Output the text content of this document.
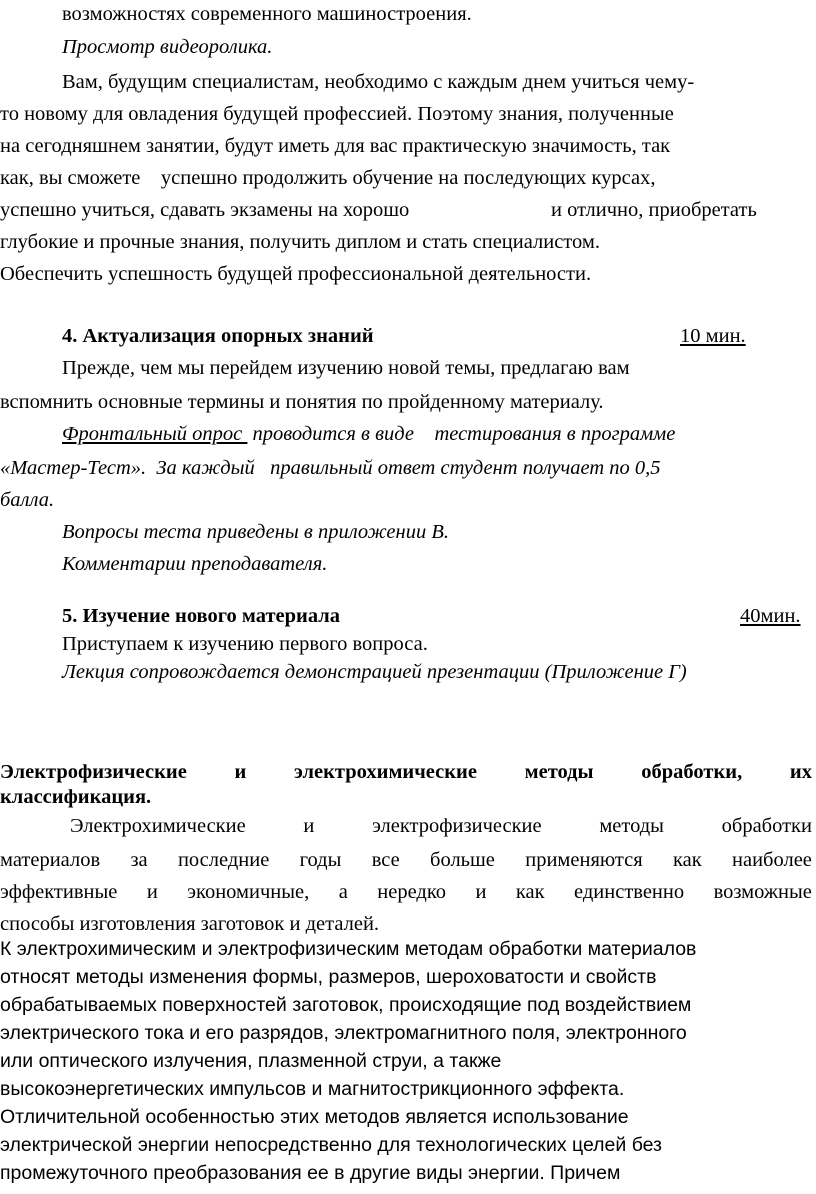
возможностях современного машиностроения.
Просмотр видеоролика.
Вам, будущим специалистам, необходимо с каждым днем учиться чему-
то новому для овладения будущей профессией. Поэтому знания, полученные
на сегодняшнем занятии, будут иметь для вас практическую значимость, так
как, вы сможете    успешно продолжить обучение на последующих курсах,
успешно учиться, сдавать экзамены на хорошо	и отлично, приобретать
глубокие и прочные знания, получить диплом и стать специалистом.
Обеспечить успешность будущей профессиональной деятельности.
4. Актуализация опорных знаний	10 мин.
Прежде, чем мы перейдем изучению новой темы, предлагаю вам
вспомнить основные термины и понятия по пройденному материалу.
Фронтальный опрос  проводится в виде    тестирования в программе
«Мастер-Тест».  За каждый   правильный ответ студент получает по 0,5
балла.
Вопросы теста приведены в приложении В.
Комментарии преподавателя.
5. Изучение нового материала	40мин.
Приступаем к изучению первого вопроса.
Лекция сопровождается демонстрацией презентации (Приложение Г)
Электрофизические и электрохимические методы обработки, их
классификация.
Электрохимические	и	электрофизические	методы	обработки
материалов за последние годы все больше применяются как наиболее
эффективные и экономичные, а нередко и как единственно возможные
способы изготовления заготовок и деталей.
К электрохимическим и электрофизическим методам обработки материалов
относят методы изменения формы, размеров, шероховатости и свойств
обрабатываемых поверхностей заготовок, происходящие под воздействием
электрического тока и его разрядов, электромагнитного поля, электронного
или оптического излучения, плазменной струи, а также
высокоэнергетических импульсов и магнитострикционного эффекта.
Отличительной особенностью этих методов является использование
электрической энергии непосредственно для технологических целей без
промежуточного преобразования ее в другие виды энергии. Причем
